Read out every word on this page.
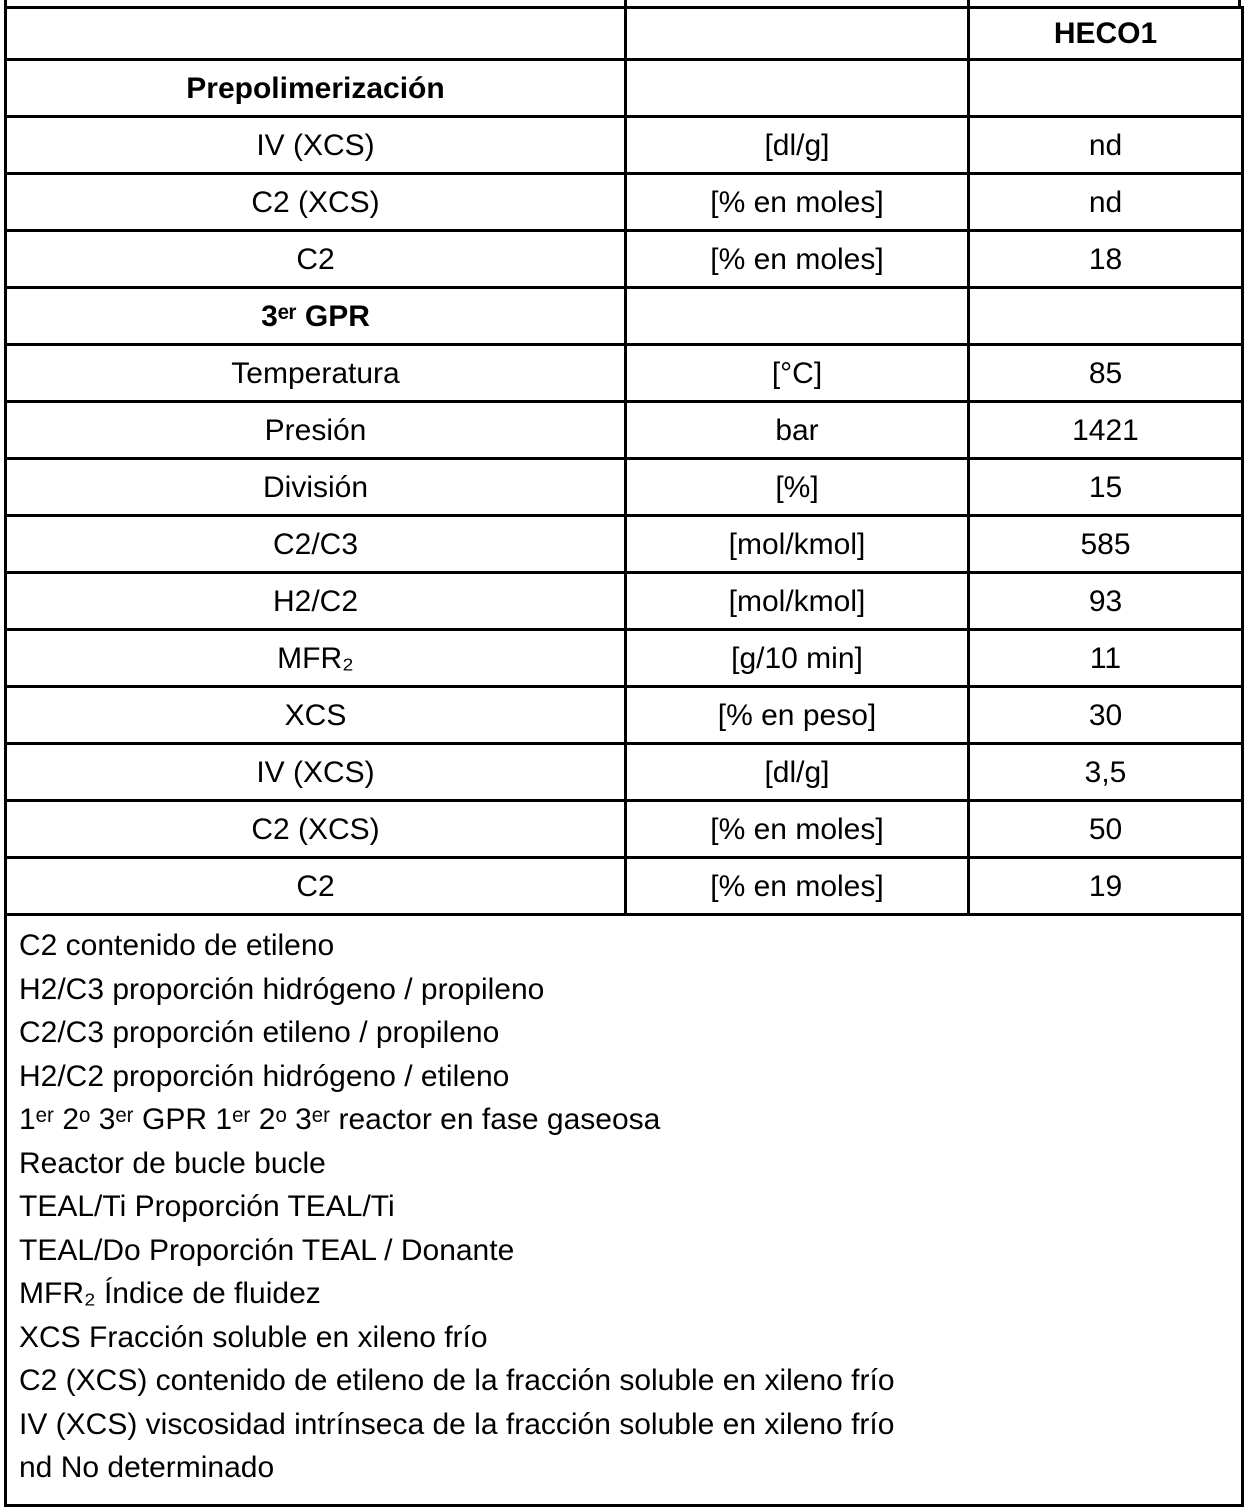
		HECO1
Prepolimerización		
IV (XCS)	[dl/g]	nd
C2 (XCS)	[% en moles]	nd
C2	[% en moles]	18
3ᵉʳ GPR		
Temperatura	[°C]	85
Presión	bar	1421
División	[%]	15
C2/C3	[mol/kmol]	585
H2/C2	[mol/kmol]	93
MFR₂	[g/10 min]	11
XCS	[% en peso]	30
IV (XCS)	[dl/g]	3,5
C2 (XCS)	[% en moles]	50
C2	[% en moles]	19

C2 contenido de etileno
H2/C3 proporción hidrógeno / propileno
C2/C3 proporción etileno / propileno
H2/C2 proporción hidrógeno / etileno
1ᵉʳ 2ᵒ 3ᵉʳ GPR 1ᵉʳ 2ᵒ 3ᵉʳ reactor en fase gaseosa
Reactor de bucle bucle
TEAL/Ti Proporción TEAL/Ti
TEAL/Do Proporción TEAL / Donante
MFR₂ Índice de fluidez
XCS Fracción soluble en xileno frío
C2 (XCS) contenido de etileno de la fracción soluble en xileno frío
IV (XCS) viscosidad intrínseca de la fracción soluble en xileno frío
nd No determinado
